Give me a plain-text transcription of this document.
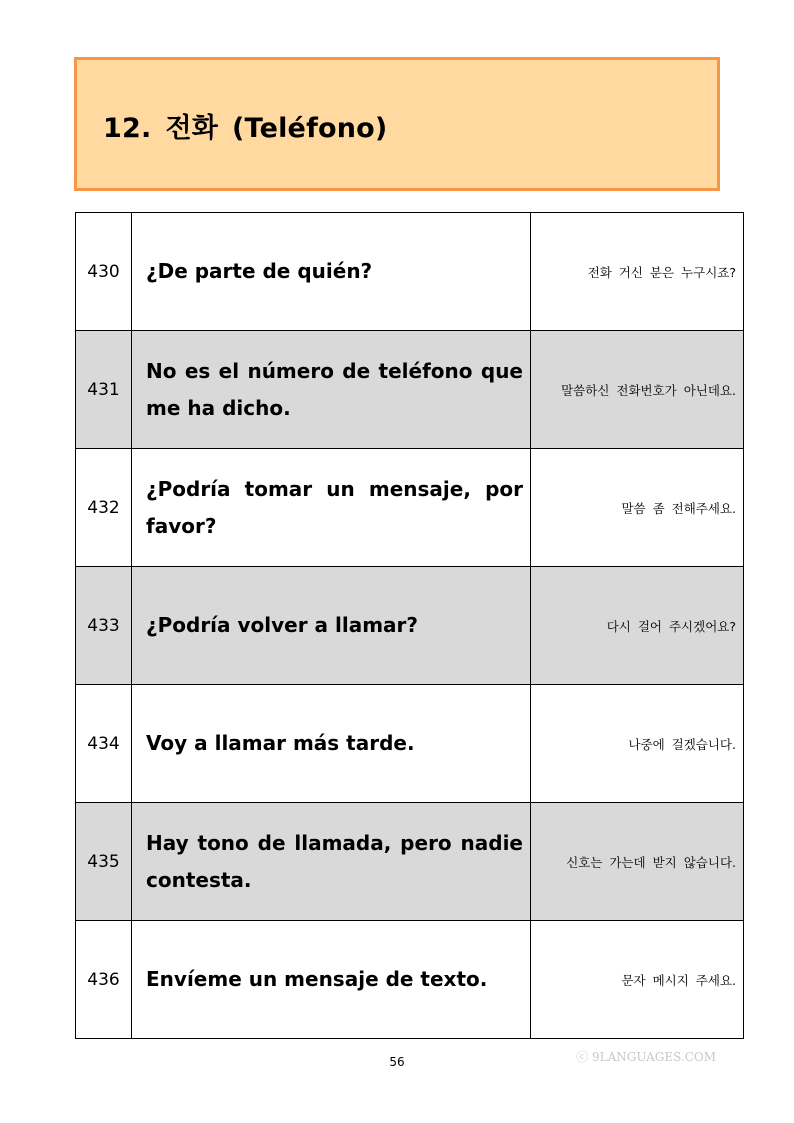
12. 전화 (Teléfono)
430	¿De parte de quién?	전화 거신 분은 누구시죠?
431	No es el número de teléfono que me ha dicho.	말씀하신 전화번호가 아닌데요.
432	¿Podría tomar un mensaje, por favor?	말씀 좀 전해주세요.
433	¿Podría volver a llamar?	다시 걸어 주시겠어요?
434	Voy a llamar más tarde.	나중에 걸겠습니다.
435	Hay tono de llamada, pero nadie contesta.	신호는 가는데 받지 않습니다.
436	Envíeme un mensaje de texto.	문자 메시지 주세요.
56	ⓒ 9LANGUAGES.COM
